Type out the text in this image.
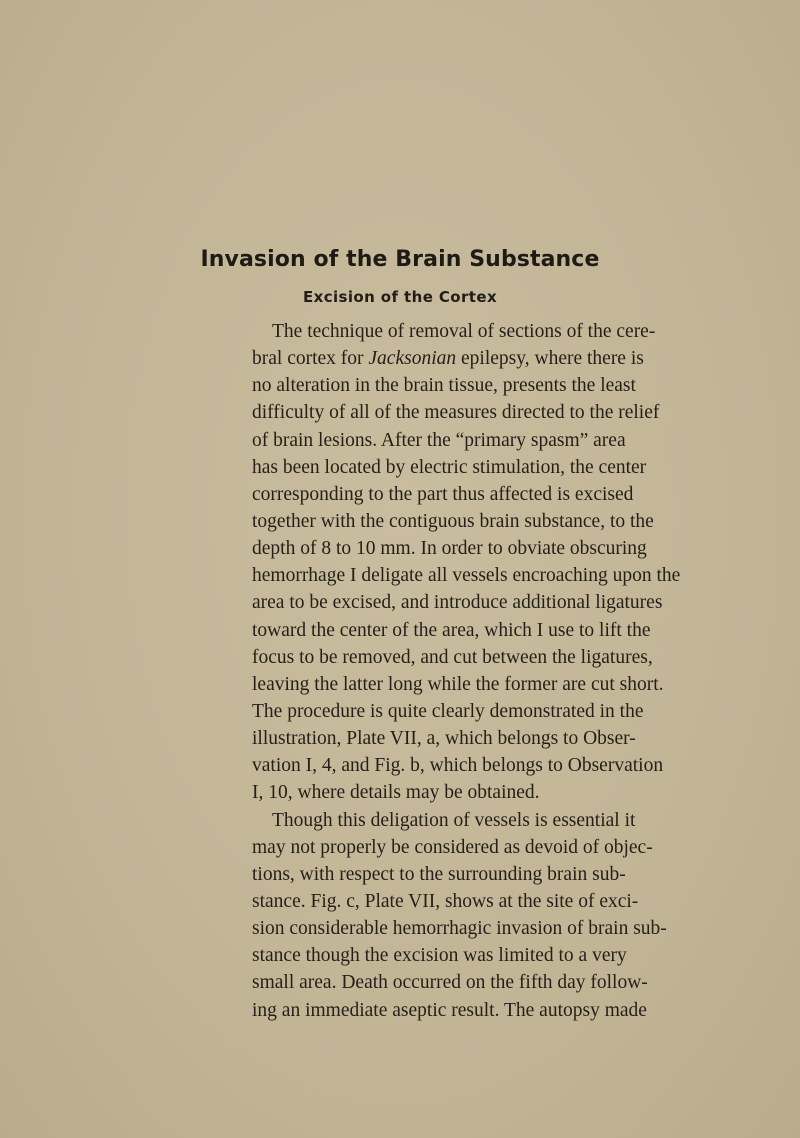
Invasion of the Brain Substance
Excision of the Cortex
The technique of removal of sections of the cere-
bral cortex for Jacksonian epilepsy, where there is
no alteration in the brain tissue, presents the least
difficulty of all of the measures directed to the relief
of brain lesions. After the “primary spasm” area
has been located by electric stimulation, the center
corresponding to the part thus affected is excised
together with the contiguous brain substance, to the
depth of 8 to 10 mm. In order to obviate obscuring
hemorrhage I deligate all vessels encroaching upon the
area to be excised, and introduce additional ligatures
toward the center of the area, which I use to lift the
focus to be removed, and cut between the ligatures,
leaving the latter long while the former are cut short.
The procedure is quite clearly demonstrated in the
illustration, Plate VII, a, which belongs to Obser-
vation I, 4, and Fig. b, which belongs to Observation
I, 10, where details may be obtained.
Though this deligation of vessels is essential it
may not properly be considered as devoid of objec-
tions, with respect to the surrounding brain sub-
stance. Fig. c, Plate VII, shows at the site of exci-
sion considerable hemorrhagic invasion of brain sub-
stance though the excision was limited to a very
small area. Death occurred on the fifth day follow-
ing an immediate aseptic result. The autopsy made
